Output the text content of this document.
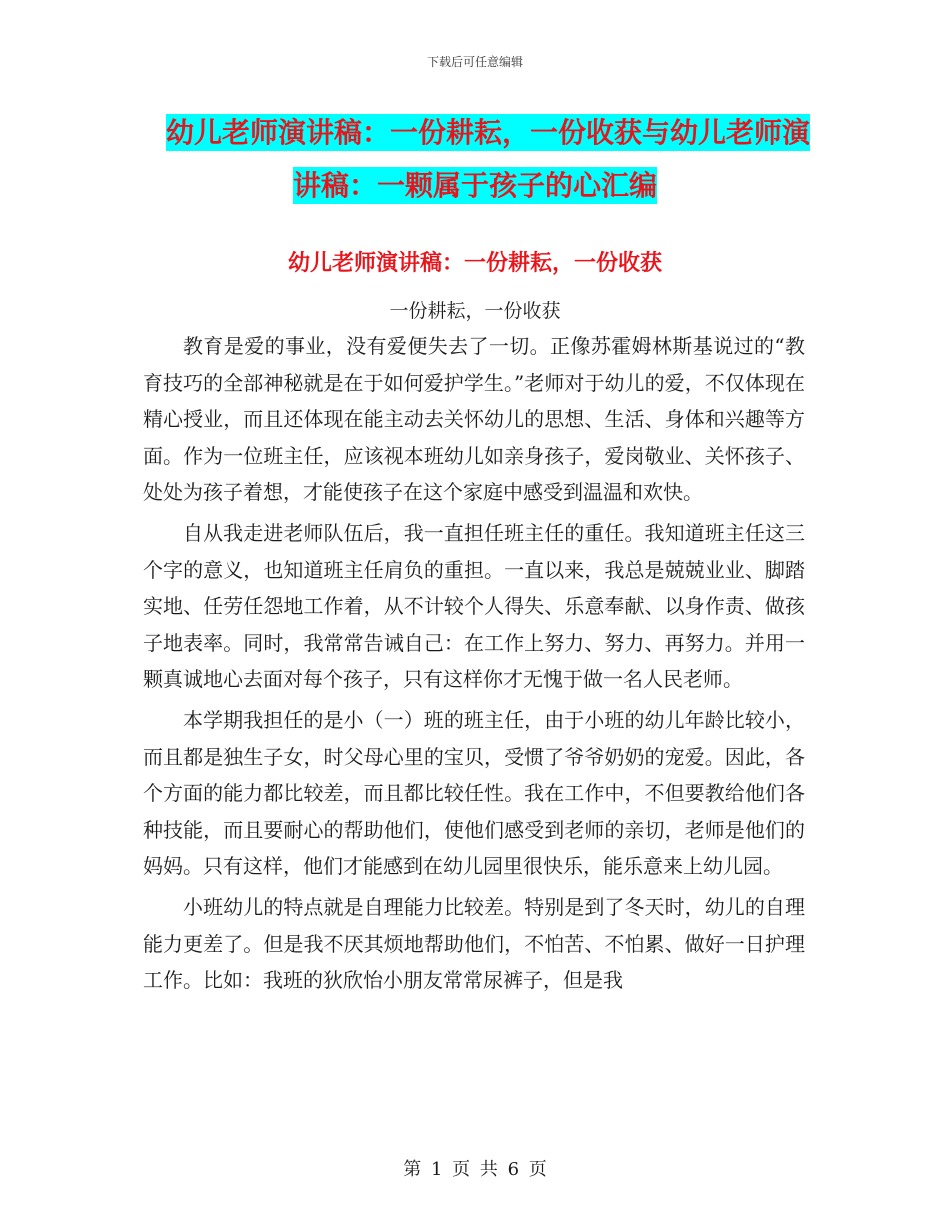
下载后可任意编辑
幼儿老师演讲稿：一份耕耘，一份收获与幼儿老师演
讲稿：一颗属于孩子的心汇编
幼儿老师演讲稿：一份耕耘，一份收获
一份耕耘，一份收获

教育是爱的事业，没有爱便失去了一切。正像苏霍姆林斯基说过的“教育技巧的全部神秘就是在于如何爱护学生。”老师对于幼儿的爱，不仅体现在精心授业，而且还体现在能主动去关怀幼儿的思想、生活、身体和兴趣等方面。作为一位班主任，应该视本班幼儿如亲身孩子，爱岗敬业、关怀孩子、处处为孩子着想，才能使孩子在这个家庭中感受到温温和欢快。

自从我走进老师队伍后，我一直担任班主任的重任。我知道班主任这三个字的意义，也知道班主任肩负的重担。一直以来，我总是兢兢业业、脚踏实地、任劳任怨地工作着，从不计较个人得失、乐意奉献、以身作责、做孩子地表率。同时，我常常告诫自己：在工作上努力、努力、再努力。并用一颗真诚地心去面对每个孩子，只有这样你才无愧于做一名人民老师。

本学期我担任的是小（一）班的班主任，由于小班的幼儿年龄比较小，而且都是独生子女，时父母心里的宝贝，受惯了爷爷奶奶的宠爱。因此，各个方面的能力都比较差，而且都比较任性。我在工作中，不但要教给他们各种技能，而且要耐心的帮助他们，使他们感受到老师的亲切，老师是他们的妈妈。只有这样，他们才能感到在幼儿园里很快乐，能乐意来上幼儿园。

小班幼儿的特点就是自理能力比较差。特别是到了冬天时，幼儿的自理能力更差了。但是我不厌其烦地帮助他们，不怕苦、不怕累、做好一日护理工作。比如：我班的狄欣怡小朋友常常尿裤子，但是我

第 1 页 共 6 页
